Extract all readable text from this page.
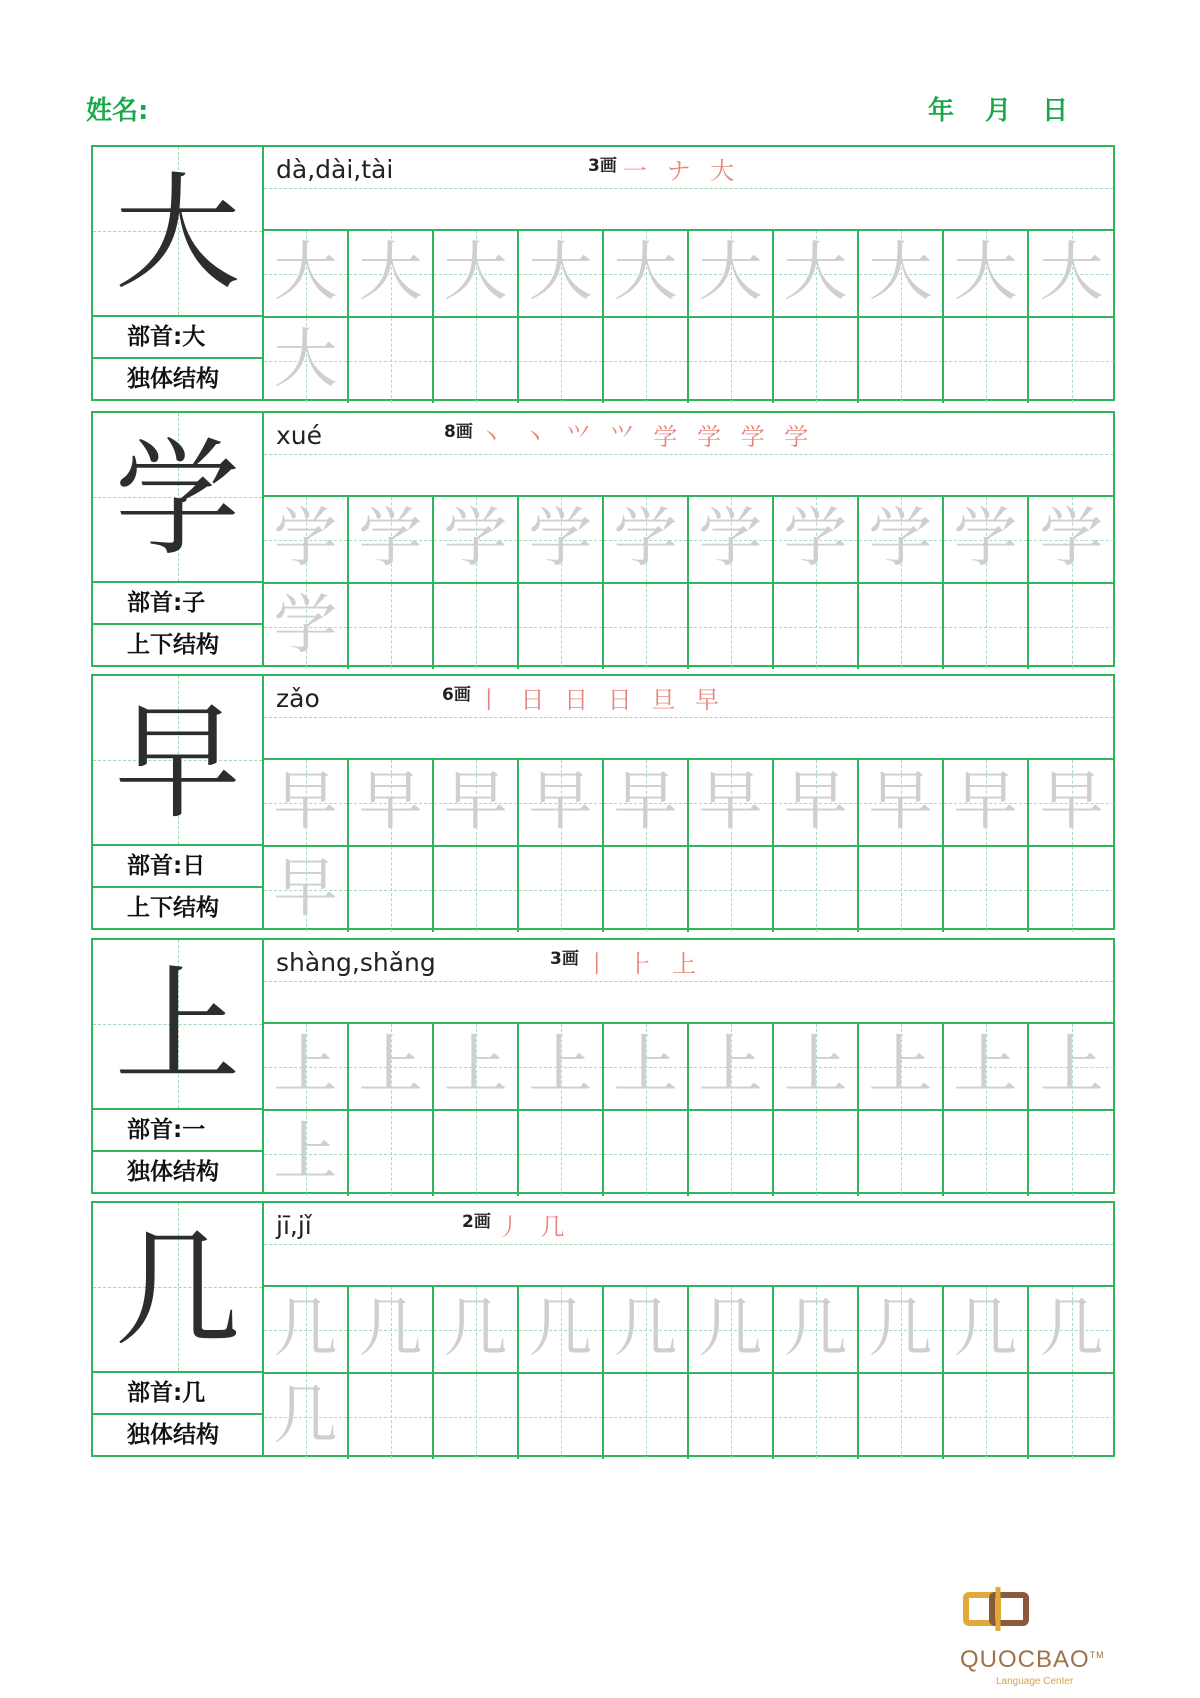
姓名:	年 月 日
大
部首:大
独体结构
dà,dài,tài	$^{3画}$ 一 ナ 大
大 大 大 大 大 大 大 大 大 大
大
学
部首:子
上下结构
xué	$^{8画}$ 丶 丶 ⺍ ⺍ 学 学 学 学
学 学 学 学 学 学 学 学 学 学
学
早
部首:日
上下结构
zǎo	$^{6画}$ 丨 日 日 日 旦 早
早 早 早 早 早 早 早 早 早 早
早
上
部首:一
独体结构
shàng,shǎng	$^{3画}$ 丨 ⺊ 上
上 上 上 上 上 上 上 上 上 上
上
几
部首:几
独体结构
jī,jǐ	$^{2画}$ 丿 几
几 几 几 几 几 几 几 几 几 几
几
QUOCBAO™
Language Center
